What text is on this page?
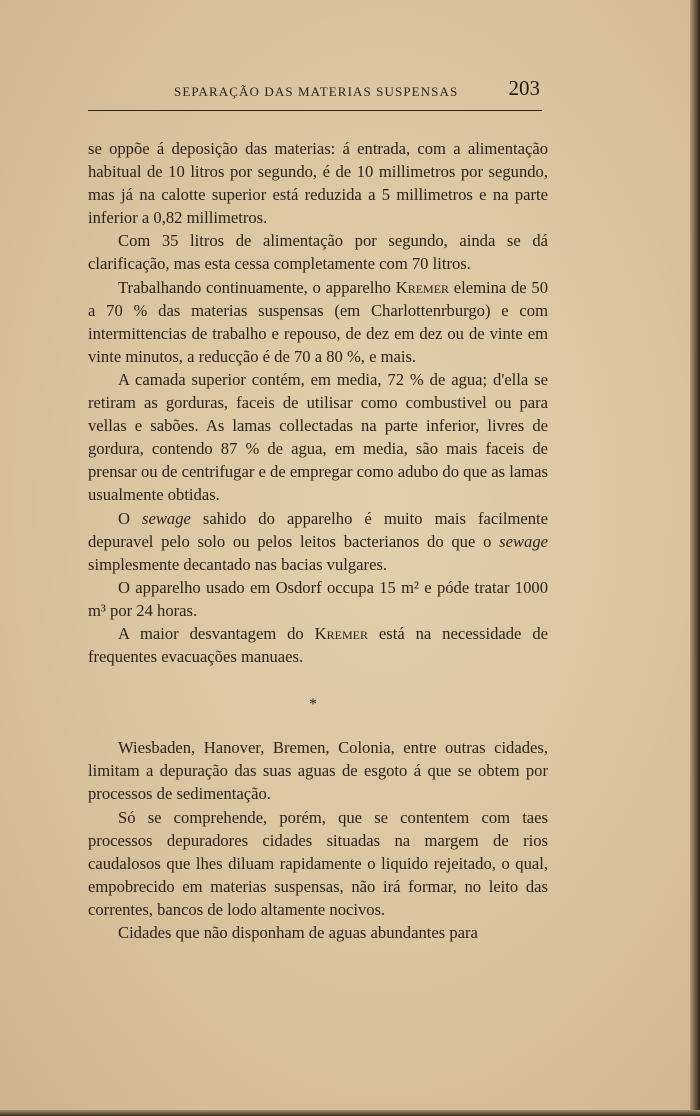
SEPARAÇÃO DAS MATERIAS SUSPENSAS 203

se oppõe á deposição das materias: á entrada, com a alimentação habitual de 10 litros por segundo, é de 10 millimetros por segundo, mas já na calotte superior está reduzida a 5 millimetros e na parte inferior a 0,82 millimetros.

Com 35 litros de alimentação por segundo, ainda se dá clarificação, mas esta cessa completamente com 70 litros.

Trabalhando continuamente, o apparelho Kremer elemina de 50 a 70 % das materias suspensas (em Charlottenrburgo) e com intermittencias de trabalho e repouso, de dez em dez ou de vinte em vinte minutos, a reducção é de 70 a 80 %, e mais.

A camada superior contém, em media, 72 % de agua; d'ella se retiram as gorduras, faceis de utilisar como combustivel ou para vellas e sabões. As lamas collectadas na parte inferior, livres de gordura, contendo 87 % de agua, em media, são mais faceis de prensar ou de centrifugar e de empregar como adubo do que as lamas usualmente obtidas.

O sewage sahido do apparelho é muito mais facilmente depuravel pelo solo ou pelos leitos bacterianos do que o sewage simplesmente decantado nas bacias vulgares.

O apparelho usado em Osdorf occupa 15 m² e póde tratar 1000 m³ por 24 horas.

A maior desvantagem do Kremer está na necessidade de frequentes evacuações manuaes.

*

Wiesbaden, Hanover, Bremen, Colonia, entre outras cidades, limitam a depuração das suas aguas de esgoto á que se obtem por processos de sedimentação.

Só se comprehende, porém, que se contentem com taes processos depuradores cidades situadas na margem de rios caudalosos que lhes diluam rapidamente o liquido rejeitado, o qual, empobrecido em materias suspensas, não irá formar, no leito das correntes, bancos de lodo altamente nocivos.

Cidades que não disponham de aguas abundantes para
